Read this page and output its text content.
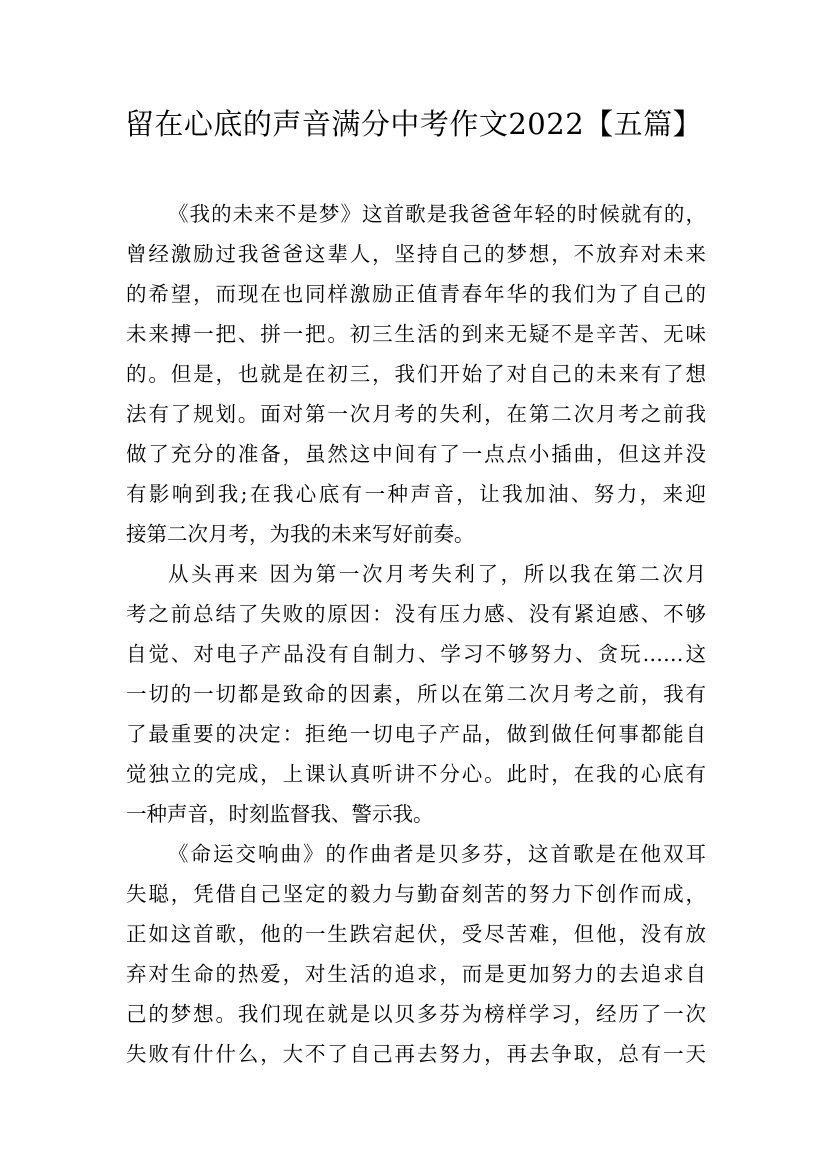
留在心底的声音满分中考作文2022【五篇】
《我的未来不是梦》这首歌是我爸爸年轻的时候就有的，
曾经激励过我爸爸这辈人，坚持自己的梦想，不放弃对未来
的希望，而现在也同样激励正值青春年华的我们为了自己的
未来搏一把、拼一把。初三生活的到来无疑不是辛苦、无味
的。但是，也就是在初三，我们开始了对自己的未来有了想
法有了规划。面对第一次月考的失利，在第二次月考之前我
做了充分的准备，虽然这中间有了一点点小插曲，但这并没
有影响到我;在我心底有一种声音，让我加油、努力，来迎
接第二次月考，为我的未来写好前奏。
从头再来 因为第一次月考失利了，所以我在第二次月
考之前总结了失败的原因：没有压力感、没有紧迫感、不够
自觉、对电子产品没有自制力、学习不够努力、贪玩……这
一切的一切都是致命的因素，所以在第二次月考之前，我有
了最重要的决定：拒绝一切电子产品，做到做任何事都能自
觉独立的完成，上课认真听讲不分心。此时，在我的心底有
一种声音，时刻监督我、警示我。
《命运交响曲》的作曲者是贝多芬，这首歌是在他双耳
失聪，凭借自己坚定的毅力与勤奋刻苦的努力下创作而成，
正如这首歌，他的一生跌宕起伏，受尽苦难，但他，没有放
弃对生命的热爱，对生活的追求，而是更加努力的去追求自
己的梦想。我们现在就是以贝多芬为榜样学习，经历了一次
失败有什什么，大不了自己再去努力，再去争取，总有一天
